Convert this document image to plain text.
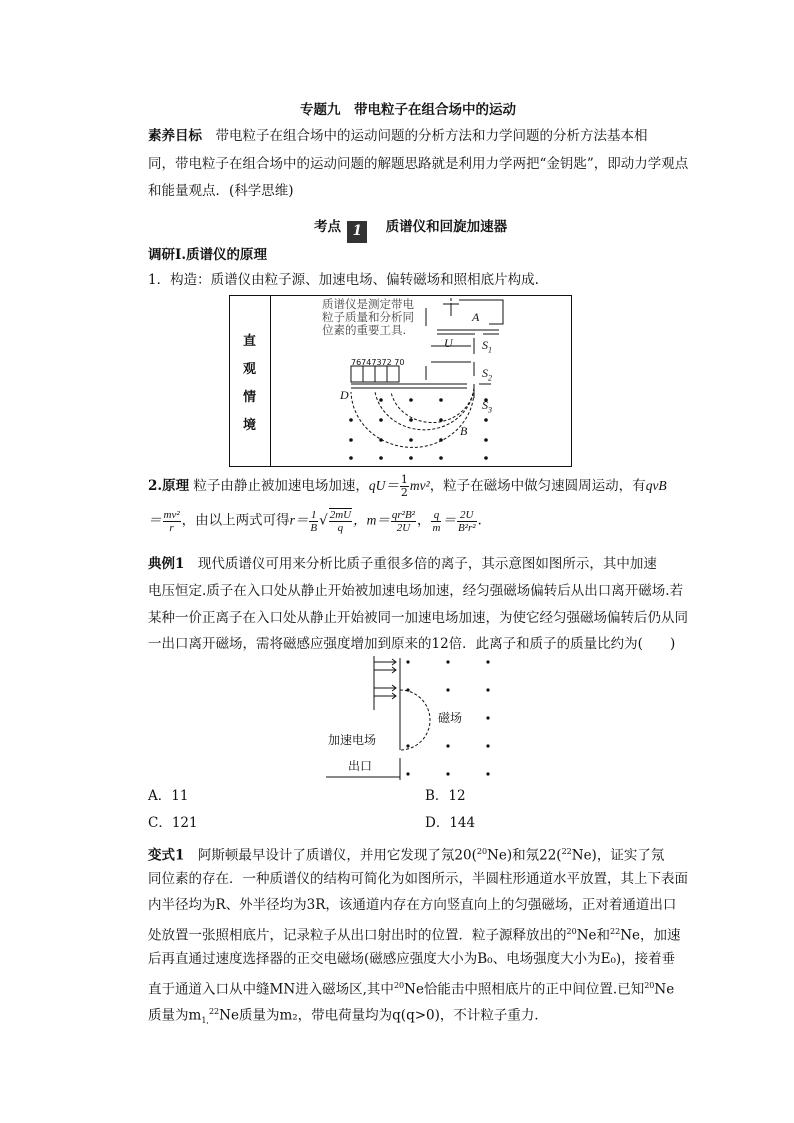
专题九　带电粒子在组合场中的运动
素养目标　 带电粒子在组合场中的运动问题的分析方法和力学问题的分析方法基本相
同，带电粒子在组合场中的运动问题的解题思路就是利用力学两把“金钥匙”，即动力学观点
和能量观点．(科学思维)
考点 1 质谱仪和回旋加速器
调研Ⅰ.质谱仪的原理
1．构造：质谱仪由粒子源、加速电场、偏转磁场和照相底片构成.
直
观
情
境
质谱仪是测定带电
粒子质量和分析同
位素的重要工具.
76747372 70
A
U $S_1$
$S_2$
$S_3$
D
B
2.原理 粒子由静止被加速电场加速，$qU= \frac{1}{2} mv^2$，粒子在磁场中做匀速圆周运动，有qvB
＝ $\frac{\text{mv²}}{r}$ ，由以上两式可得$r= \frac{1}{B}$ √ $\frac{2mU}{q}$ ，$m= \frac{\text{qr²B²}}{2U}$ ， $\frac{q}{m} = \frac{2U}{\text{B²r²}}$ .
典例1　 现代质谱仪可用来分析比质子重很多倍的离子，其示意图如图所示，其中加速
电压恒定.质子在入口处从静止开始被加速电场加速，经匀强磁场偏转后从出口离开磁场.若
某种一价正离子在入口处从静止开始被同一加速电场加速，为使它经匀强磁场偏转后仍从同
一出口离开磁场，需将磁感应强度增加到原来的12倍．此离子和质子的质量比约为(　　)
加速电场
磁场
出口
A．11	B．12
C．121	D．144
变式1　 阿斯顿最早设计了质谱仪，并用它发现了氖20($^{20}$Ne)和氖22($^{22}$Ne)，证实了氖
同位素的存在．一种质谱仪的结构可简化为如图所示，半圆柱形通道水平放置，其上下表面
内半径均为R、外半径均为3R，该通道内存在方向竖直向上的匀强磁场，正对着通道出口
处放置一张照相底片，记录粒子从出口射出时的位置．粒子源释放出的$^{20}$Ne和$^{22}$Ne，加速
后再直通过速度选择器的正交电磁场(磁感应强度大小为B₀、电场强度大小为E₀)，接着垂
直于通道入口从中缝MN进入磁场区,其中$^{20}$Ne恰能击中照相底片的正中间位置.已知$^{20}$Ne
质量为$m_{1,}^{22}Ne$质量为m₂，带电荷量均为q(q>0)，不计粒子重力．
